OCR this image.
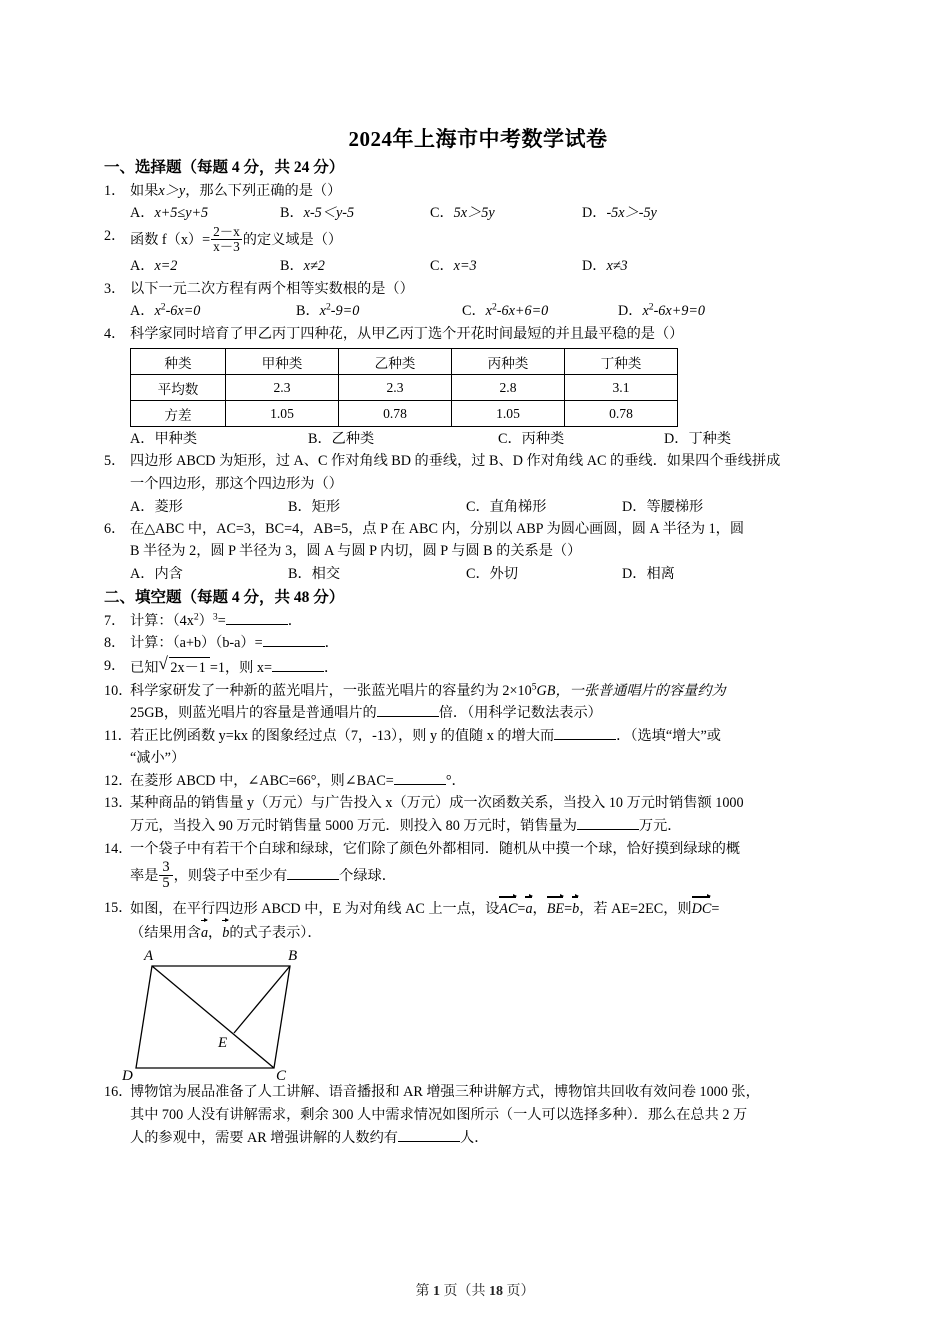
2024年上海市中考数学试卷
一、选择题（每题 4 分，共 24 分）
1． 如果x＞y，那么下列正确的是（）
A．x+5≤y+5	B．x‑5＜y‑5	C．5x＞5y	D．‑5x＞‑5y
2． 函数 $f(x)= \frac{2-x}{x-3}$ 的定义域是（）
A．x=2	B．x≠2	C．x=3	D．x≠3
3． 以下一元二次方程有两个相等实数根的是（）
A．$x^2‑6x=0$	B．$x^2‑9=0$	C．$x^2‑6x+6=0$	D．$x^2‑6x+9=0$
4． 科学家同时培育了甲乙丙丁四种花，从甲乙丙丁选个开花时间最短的并且最平稳的是（）
种类	甲种类	乙种类	丙种类	丁种类
平均数	2.3	2.3	2.8	3.1
方差	1.05	0.78	1.05	0.78
A．甲种类	B．乙种类	C．丙种类	D．丁种类
5． 四边形 ABCD 为矩形，过 A、C 作对角线 BD 的垂线，过 B、D 作对角线 AC 的垂线．如果四个垂线拼成
一个四边形，那这个四边形为（）
A．菱形	B．矩形	C．直角梯形	D．等腰梯形
6． 在△ABC 中，AC=3，BC=4，AB=5，点 P 在 ABC 内，分别以 ABP 为圆心画圆，圆 A 半径为 1，圆
B 半径为 2，圆 P 半径为 3，圆 A 与圆 P 内切，圆 P 与圆 B 的关系是（）
A．内含	B．相交	C．外切	D．相离
二、填空题（每题 4 分，共 48 分）
7． 计算：$(4x^2)^3=$	．
8． 计算：（a+b）（b‑a）=	．
9． 已知 √ 2x－1 =1，则 x=	．
10．
科学家研发了一种新的蓝光唱片，一张蓝光唱片的容量约为 $2\times 10^5GB$，一张普通唱片的容量约为
25GB，则蓝光唱片的容量是普通唱片的	倍．（用科学记数法表示）
11．
若正比例函数 y=kx 的图象经过点（7，‑13），则 y 的值随 x 的增大而	．（选填“增大”或
“减小”）
12．
在菱形 ABCD 中，∠ABC=66°，则∠BAC=	°．
13．
某种商品的销售量 y（万元）与广告投入 x（万元）成一次函数关系，当投入 10 万元时销售额 1000
万元，当投入 90 万元时销售量 5000 万元．则投入 80 万元时，销售量为	万元．
14．
一个袋子中有若干个白球和绿球，它们除了颜色外都相同．随机从中摸一个球，恰好摸到绿球的概
率是 $\frac{3}{5}$ ，则袋子中至少有	个绿球．
15．
如图，在平行四边形 ABCD 中，E 为对角线 AC 上一点，设AC=a，BE=b，若 AE=2EC，则DC=
（结果用含a，b的式子表示）．
A	B
C
D
E
16．
博物馆为展品准备了人工讲解、语音播报和 AR 增强三种讲解方式，博物馆共回收有效问卷 1000 张，
其中 700 人没有讲解需求，剩余 300 人中需求情况如图所示（一人可以选择多种）．那么在总共 2 万
人的参观中，需要 AR 增强讲解的人数约有	人．
第 1 页（共 18 页）
